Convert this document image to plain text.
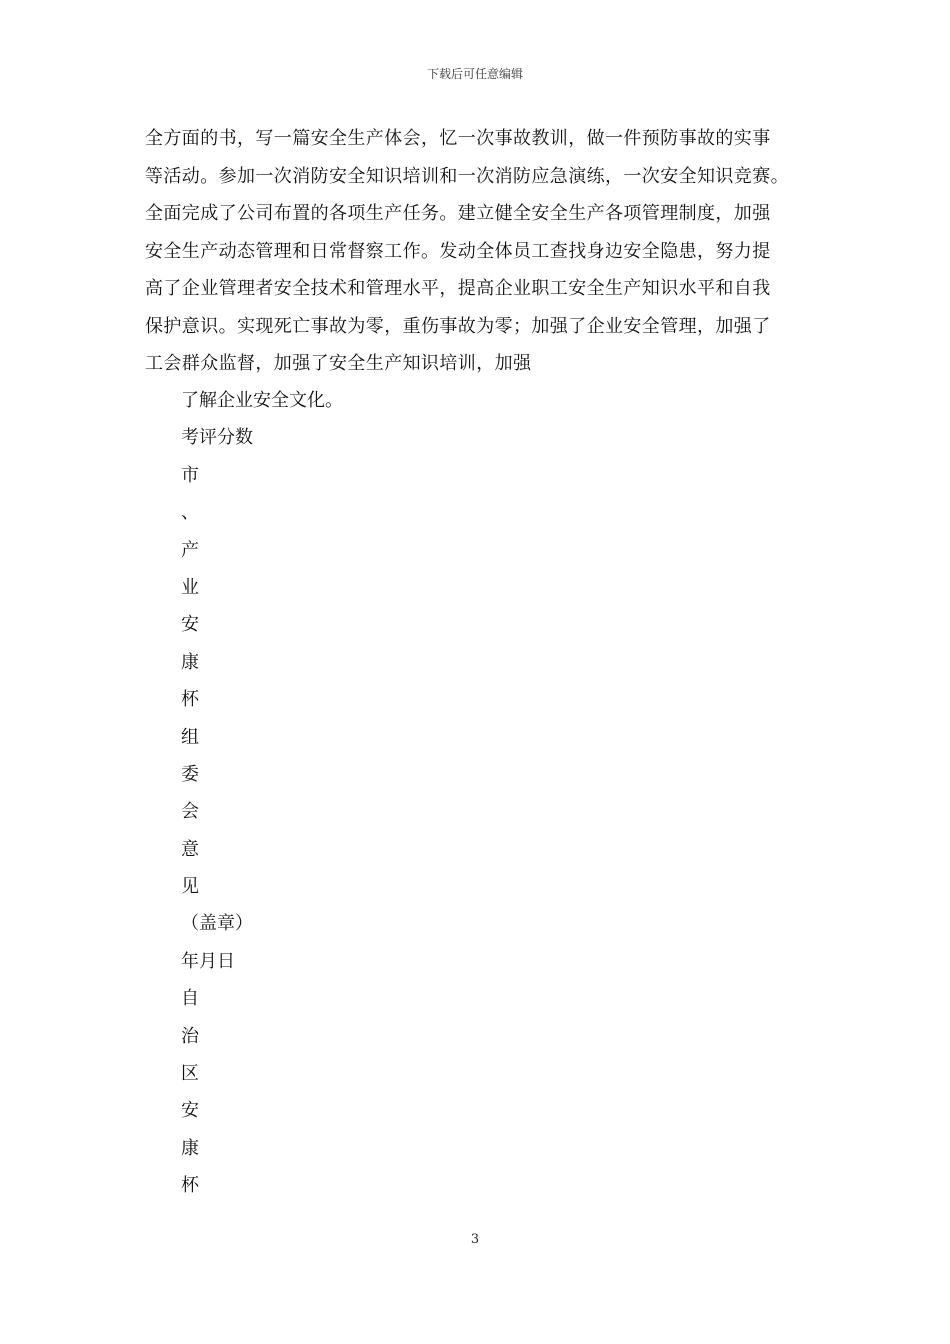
下载后可任意编辑
全方面的书，写一篇安全生产体会，忆一次事故教训，做一件预防事故的实事
等活动。参加一次消防安全知识培训和一次消防应急演练，一次安全知识竞赛。
全面完成了公司布置的各项生产任务。建立健全安全生产各项管理制度，加强
安全生产动态管理和日常督察工作。发动全体员工查找身边安全隐患，努力提
高了企业管理者安全技术和管理水平，提高企业职工安全生产知识水平和自我
保护意识。实现死亡事故为零，重伤事故为零；加强了企业安全管理，加强了
工会群众监督，加强了安全生产知识培训，加强
了解企业安全文化。
考评分数
市
、
产
业
安
康
杯
组
委
会
意
见
（盖章）
年月日
自
治
区
安
康
杯
3
